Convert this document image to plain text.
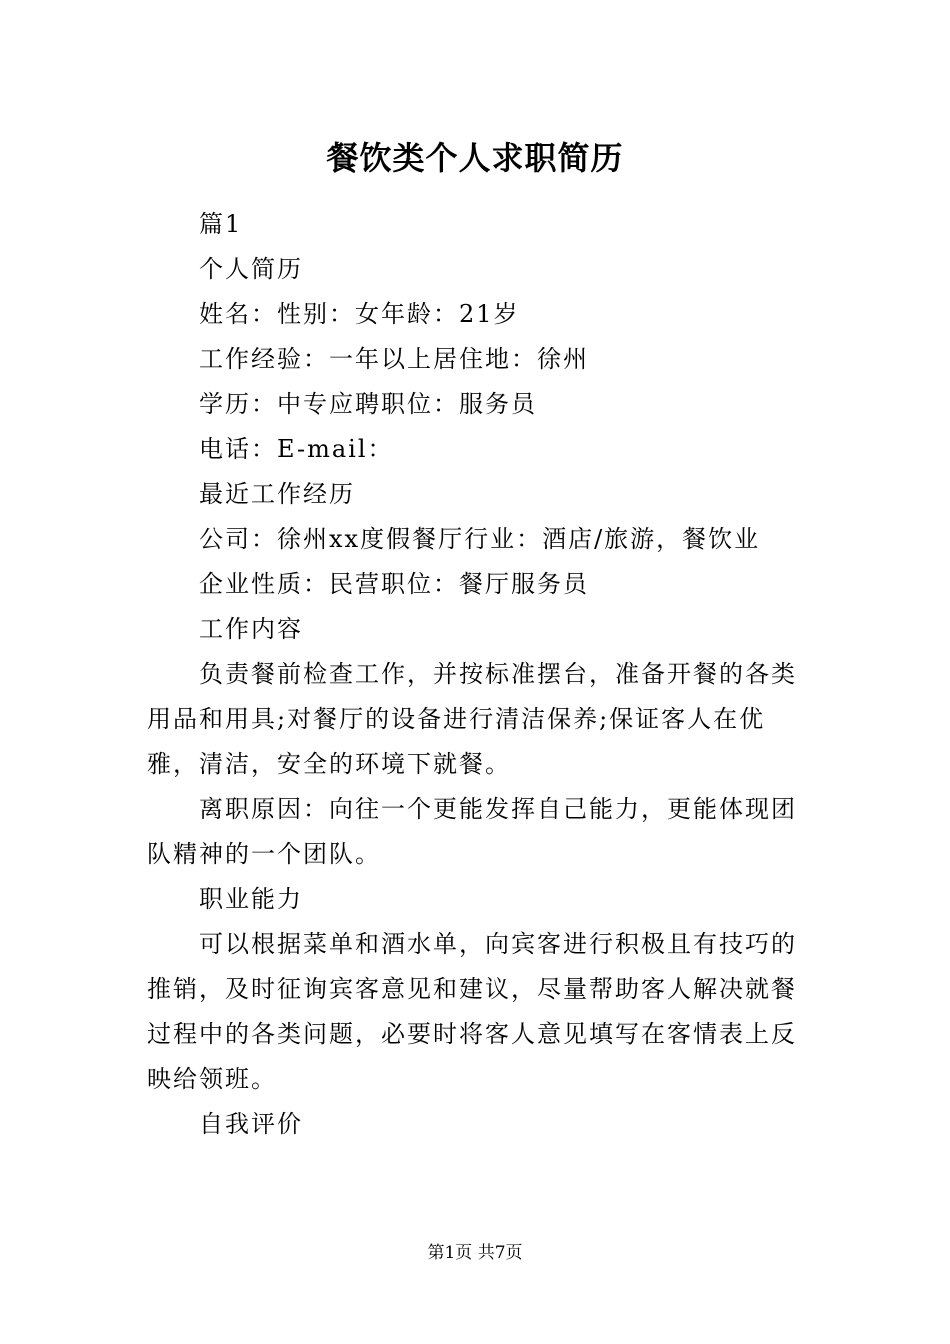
餐饮类个人求职简历

篇1

个人简历

姓名：性别：女年龄：21岁

工作经验：一年以上居住地：徐州

学历：中专应聘职位：服务员

电话：E-mail：

最近工作经历

公司：徐州xx度假餐厅行业：酒店/旅游，餐饮业

企业性质：民营职位：餐厅服务员

工作内容

负责餐前检查工作，并按标准摆台，准备开餐的各类用品和用具;对餐厅的设备进行清洁保养;保证客人在优雅，清洁，安全的环境下就餐。

离职原因：向往一个更能发挥自己能力，更能体现团队精神的一个团队。

职业能力

可以根据菜单和酒水单，向宾客进行积极且有技巧的推销，及时征询宾客意见和建议，尽量帮助客人解决就餐过程中的各类问题，必要时将客人意见填写在客情表上反映给领班。

自我评价

第1页 共7页
